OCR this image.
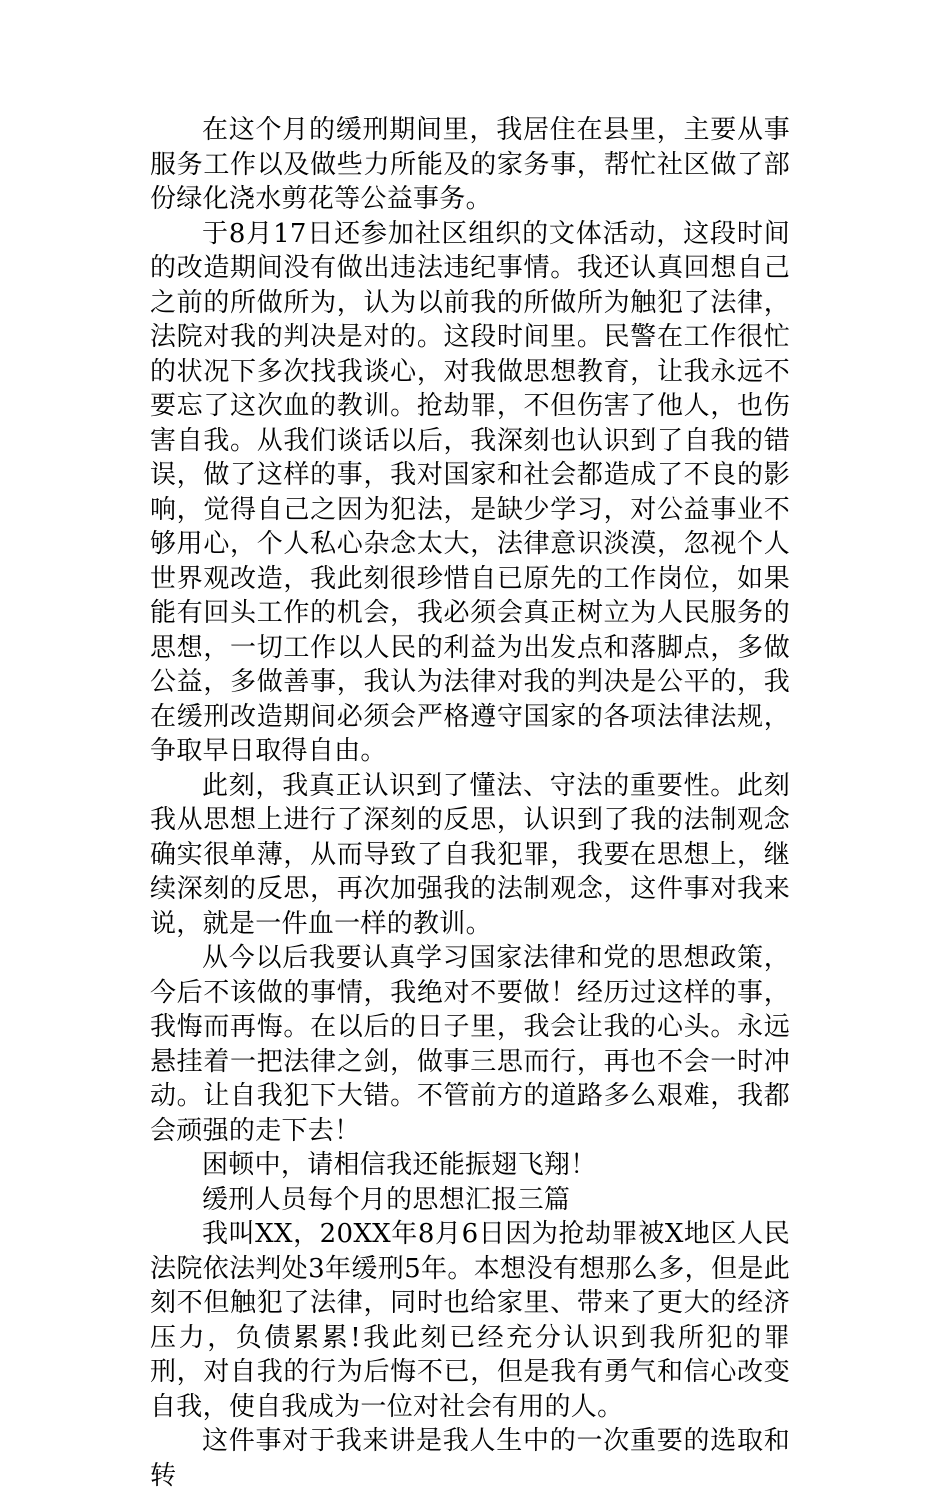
在这个月的缓刑期间里，我居住在县里，主要从事服务工作以及做些力所能及的家务事，帮忙社区做了部份绿化浇水剪花等公益事务。

于8月17日还参加社区组织的文体活动，这段时间的改造期间没有做出违法违纪事情。我还认真回想自己之前的所做所为，认为以前我的所做所为触犯了法律，法院对我的判决是对的。这段时间里。民警在工作很忙的状况下多次找我谈心，对我做思想教育，让我永远不要忘了这次血的教训。抢劫罪，不但伤害了他人，也伤害自我。从我们谈话以后，我深刻也认识到了自我的错误，做了这样的事，我对国家和社会都造成了不良的影响，觉得自己之因为犯法，是缺少学习，对公益事业不够用心，个人私心杂念太大，法律意识淡漠，忽视个人世界观改造，我此刻很珍惜自已原先的工作岗位，如果能有回头工作的机会，我必须会真正树立为人民服务的思想，一切工作以人民的利益为出发点和落脚点，多做公益，多做善事，我认为法律对我的判决是公平的，我在缓刑改造期间必须会严格遵守国家的各项法律法规，争取早日取得自由。

此刻，我真正认识到了懂法、守法的重要性。此刻我从思想上进行了深刻的反思，认识到了我的法制观念确实很单薄，从而导致了自我犯罪，我要在思想上，继续深刻的反思，再次加强我的法制观念，这件事对我来说，就是一件血一样的教训。

从今以后我要认真学习国家法律和党的思想政策，今后不该做的事情，我绝对不要做！经历过这样的事，我悔而再悔。在以后的日子里，我会让我的心头。永远悬挂着一把法律之剑，做事三思而行，再也不会一时冲动。让自我犯下大错。不管前方的道路多么艰难，我都会顽强的走下去！

困顿中，请相信我还能振翅飞翔！

缓刑人员每个月的思想汇报三篇

我叫XX，20XX年8月6日因为抢劫罪被X地区人民法院依法判处3年缓刑5年。本想没有想那么多，但是此刻不但触犯了法律，同时也给家里、带来了更大的经济压力，负债累累!我此刻已经充分认识到我所犯的罪刑，对自我的行为后悔不已，但是我有勇气和信心改变自我，使自我成为一位对社会有用的人。

这件事对于我来讲是我人生中的一次重要的选取和转
